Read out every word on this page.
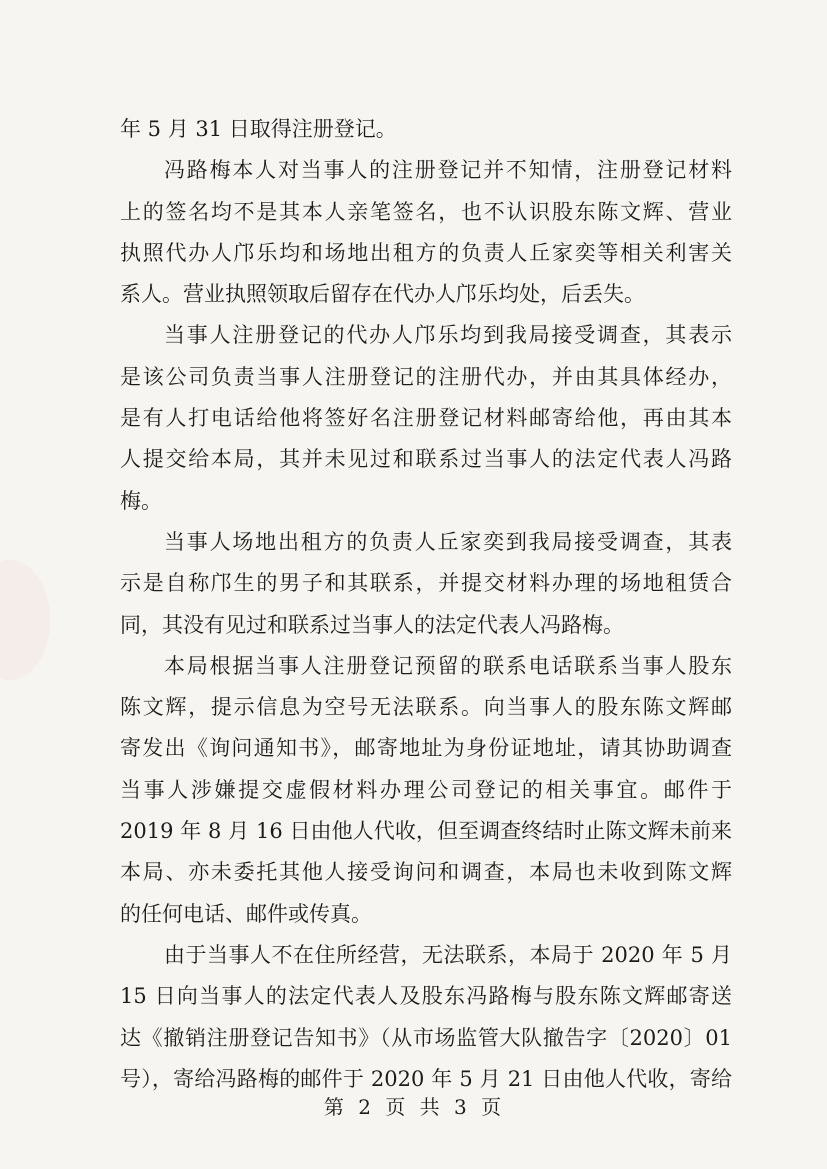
年 5 月 31 日取得注册登记。
冯路梅本人对当事人的注册登记并不知情，注册登记材料
上的签名均不是其本人亲笔签名，也不认识股东陈文辉、营业
执照代办人邝乐均和场地出租方的负责人丘家奕等相关利害关
系人。营业执照领取后留存在代办人邝乐均处，后丢失。
当事人注册登记的代办人邝乐均到我局接受调查，其表示
是该公司负责当事人注册登记的注册代办，并由其具体经办，
是有人打电话给他将签好名注册登记材料邮寄给他，再由其本
人提交给本局，其并未见过和联系过当事人的法定代表人冯路
梅。
当事人场地出租方的负责人丘家奕到我局接受调查，其表
示是自称邝生的男子和其联系，并提交材料办理的场地租赁合
同，其没有见过和联系过当事人的法定代表人冯路梅。
本局根据当事人注册登记预留的联系电话联系当事人股东
陈文辉，提示信息为空号无法联系。向当事人的股东陈文辉邮
寄发出《询问通知书》，邮寄地址为身份证地址，请其协助调查
当事人涉嫌提交虚假材料办理公司登记的相关事宜。邮件于
2019 年 8 月 16 日由他人代收，但至调查终结时止陈文辉未前来
本局、亦未委托其他人接受询问和调查，本局也未收到陈文辉
的任何电话、邮件或传真。
由于当事人不在住所经营，无法联系，本局于 2020 年 5 月
15 日向当事人的法定代表人及股东冯路梅与股东陈文辉邮寄送
达《撤销注册登记告知书》（从市场监管大队撤告字〔2020〕01
号），寄给冯路梅的邮件于 2020 年 5 月 21 日由他人代收，寄给
第 2 页 共 3 页
